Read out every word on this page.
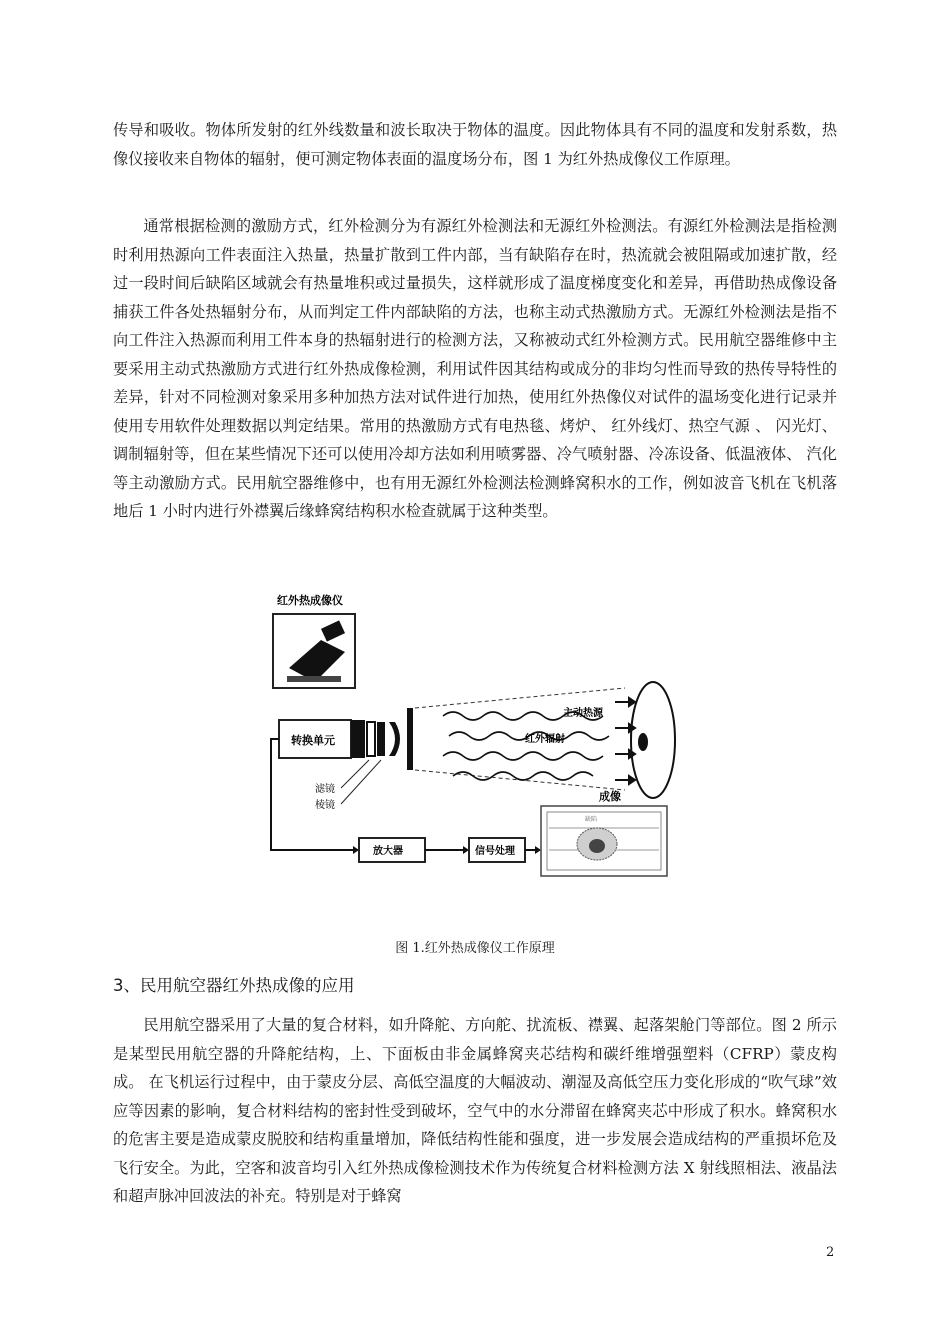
传导和吸收。物体所发射的红外线数量和波长取决于物体的温度。因此物体具有不同的温度和发射系数，热像仪接收来自物体的辐射，便可测定物体表面的温度场分布，图 1 为红外热成像仪工作原理。

通常根据检测的激励方式，红外检测分为有源红外检测法和无源红外检测法。有源红外检测法是指检测时利用热源向工件表面注入热量，热量扩散到工件内部，当有缺陷存在时，热流就会被阻隔或加速扩散，经过一段时间后缺陷区域就会有热量堆积或过量损失，这样就形成了温度梯度变化和差异，再借助热成像设备捕获工件各处热辐射分布，从而判定工件内部缺陷的方法，也称主动式热激励方式。无源红外检测法是指不向工件注入热源而利用工件本身的热辐射进行的检测方法，又称被动式红外检测方式。民用航空器维修中主要采用主动式热激励方式进行红外热成像检测，利用试件因其结构或成分的非均匀性而导致的热传导特性的差异，针对不同检测对象采用多种加热方法对试件进行加热，使用红外热像仪对试件的温场变化进行记录并使用专用软件处理数据以判定结果。常用的热激励方式有电热毯、烤炉、 红外线灯、热空气源 、 闪光灯、 调制辐射等，但在某些情况下还可以使用冷却方法如利用喷雾器、冷气喷射器、冷冻设备、低温液体、 汽化等主动激励方式。民用航空器维修中，也有用无源红外检测法检测蜂窝积水的工作，例如波音飞机在飞机落地后 1 小时内进行外襟翼后缘蜂窝结构积水检查就属于这种类型。

红外热成像仪
转换单元
滤镜
棱镜
主动热源
红外辐射
放大器	信号处理
成像
缺陷
图 1.红外热成像仪工作原理
3、民用航空器红外热成像的应用

民用航空器采用了大量的复合材料，如升降舵、方向舵、扰流板、襟翼、起落架舱门等部位。图 2 所示是某型民用航空器的升降舵结构，上、下面板由非金属蜂窝夹芯结构和碳纤维增强塑料（CFRP）蒙皮构成。 在飞机运行过程中，由于蒙皮分层、高低空温度的大幅波动、潮湿及高低空压力变化形成的“吹气球”效应等因素的影响，复合材料结构的密封性受到破坏，空气中的水分滞留在蜂窝夹芯中形成了积水。蜂窝积水的危害主要是造成蒙皮脱胶和结构重量增加，降低结构性能和强度，进一步发展会造成结构的严重损坏危及飞行安全。为此，空客和波音均引入红外热成像检测技术作为传统复合材料检测方法 X 射线照相法、液晶法和超声脉冲回波法的补充。特别是对于蜂窝

2
